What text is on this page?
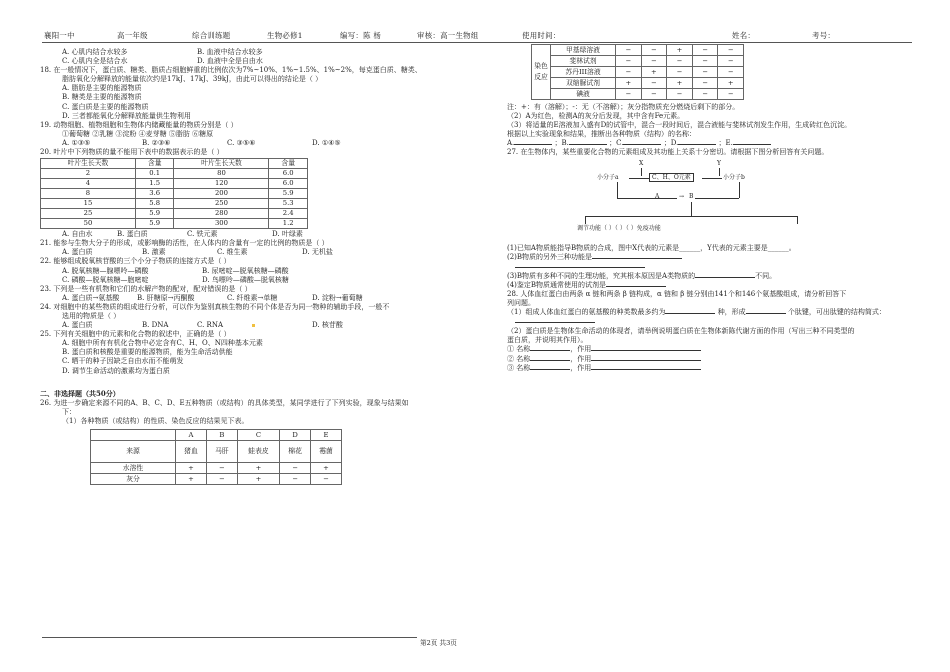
襄阳一中	高一年级	综合训练题	生物必修1	编写：陈 杨	审核：高一生物组	使用时间：	姓名：	考号：
A. 心肌内结合水较多	B. 血液中结合水较多
C. 心肌内全是结合水	D. 血液中全是自由水
18. 在一般情况下，蛋白质、糖类、脂质占细胞鲜重的比例依次为7%~10%、1%~1.5%、1%~2%，每克蛋白质、糖类、
脂肪氧化分解释放的能量依次约是17kJ、17kJ、39kJ，由此可以得出的结论是（ ）
A. 脂肪是主要的能源物质
B. 糖类是主要的能源物质
C. 蛋白质是主要的能源物质
D. 三者都能氧化分解释放能量供生物利用
19. 动物细胞、植物细胞和生物体内储藏能量的物质分别是（ ）
①葡萄糖 ②乳糖 ③淀粉 ④麦芽糖 ⑤脂肪 ⑥糖原
A. ①③⑤	B. ②③⑥	C. ③⑤⑥	D. ①④⑤
20. 叶片中下列物质的量不能用下表中的数据表示的是（ ）
叶片生长天数	含量	叶片生长天数	含量
2	0.1	80	6.0
4	1.5	120	6.0
8	3.6	200	5.9
15	5.8	250	5.3
25	5.9	280	2.4
50	5.9	300	1.2
A. 自由水	B. 蛋白质	C. 铁元素	D. 叶绿素
21. 能参与生物大分子的形成，或影响酶的活性，在人体内的含量有一定的比例的物质是（ ）
A. 蛋白质	B. 激素	C. 维生素	D. 无机盐
22. 能够组成脱氧核苷酸的三个小分子物质的连接方式是（ ）
A. 脱氧核糖—腺嘌呤—磷酸	B. 尿嘧啶—脱氧核糖—磷酸
C. 磷酸—脱氧核糖—胞嘧啶	D. 鸟嘌呤—磷酸—脱氧核糖
23. 下列是一些有机物和它们的水解产物的配对，配对错误的是（ ）
A. 蛋白质→氨基酸	B. 肝糖原→丙酮酸	C. 纤维素→单糖	D. 淀粉→葡萄糖
24. 对细胞中的某些物质的组成进行分析，可以作为鉴别真核生物的不同个体是否为同一物种的辅助手段，一般不
选用的物质是（ ）
A. 蛋白质	B. DNA	C. RNA	D. 核苷酸
25. 下列有关细胞中的元素和化合物的叙述中，正确的是（ ）
A. 细胞中所有有机化合物中必定含有C、H、O、N四种基本元素
B. 蛋白质和核酸是重要的能源物质，能为生命活动供能
C. 晒干的种子因缺乏自由水而不能萌发
D. 调节生命活动的激素均为蛋白质
二、非选择题（共50分）
26. 为进一步确定来源不同的A、B、C、D、E五种物质（或结构）的具体类型，某同学进行了下列实验，现象与结果如
下：
（1）各种物质（或结构）的性质、染色反应的结果见下表。
	A	B	C	D	E
来源	猪血	马肝	蛙表皮	棉花	霉菌
水溶性	+	−	+	−	+
灰分	+	−	+	−	−
染色反应	甲基绿溶液	−	−	+	−	−
	斐林试剂	−	−	−	−	−
	苏丹III溶液	−	+	−	−	−
	双缩脲试剂	+	−	+	−	+
	碘液	−	−	−	−	−
注：+：有（溶解）；-：无（不溶解）；灰分指物质充分燃烧后剩下的部分。
（2）A为红色，检测A的灰分后发现，其中含有Fe元素。
（3）将适量的E溶液加入盛有D的试管中，混合一段时间后，混合液能与斐林试剂发生作用，生成砖红色沉淀。
根据以上实验现象和结果，推断出各种物质（结构）的名称：
A.	；B.	；C.	；D.	；E.
27. 在生物体内，某些重要化合物的元素组成及其功能上关系十分密切。请根据下图分析回答有关问题。
X	Y
小分子a	C、H、O元素	小分子b
A	→ B
调节功能（ ）（ ）（ ）免疫功能
(1)已知A物质能指导B物质的合成，图中X代表的元素是______，Y代表的元素主要是______。
(2)B物质的另外三种功能是
(3)B物质有多种不同的生理功能，究其根本原因是A类物质的	不同。
(4)鉴定B物质通常使用的试剂是
28. 人体血红蛋白由两条 α 链和两条 β 链构成，α 链和 β 链分别由141个和146个氨基酸组成，请分析回答下
列问题。
（1）组成人体血红蛋白的氨基酸的种类数最多约为	种，形成	个肽键，可出肽键的结构简式：
（2）蛋白质是生物体生命活动的体现者，请举例说明蛋白质在生物体新陈代谢方面的作用（写出三种不同类型的
蛋白质，并说明其作用）。
① 名称	，作用
② 名称	，作用
③ 名称	，作用
第2页 共3页
